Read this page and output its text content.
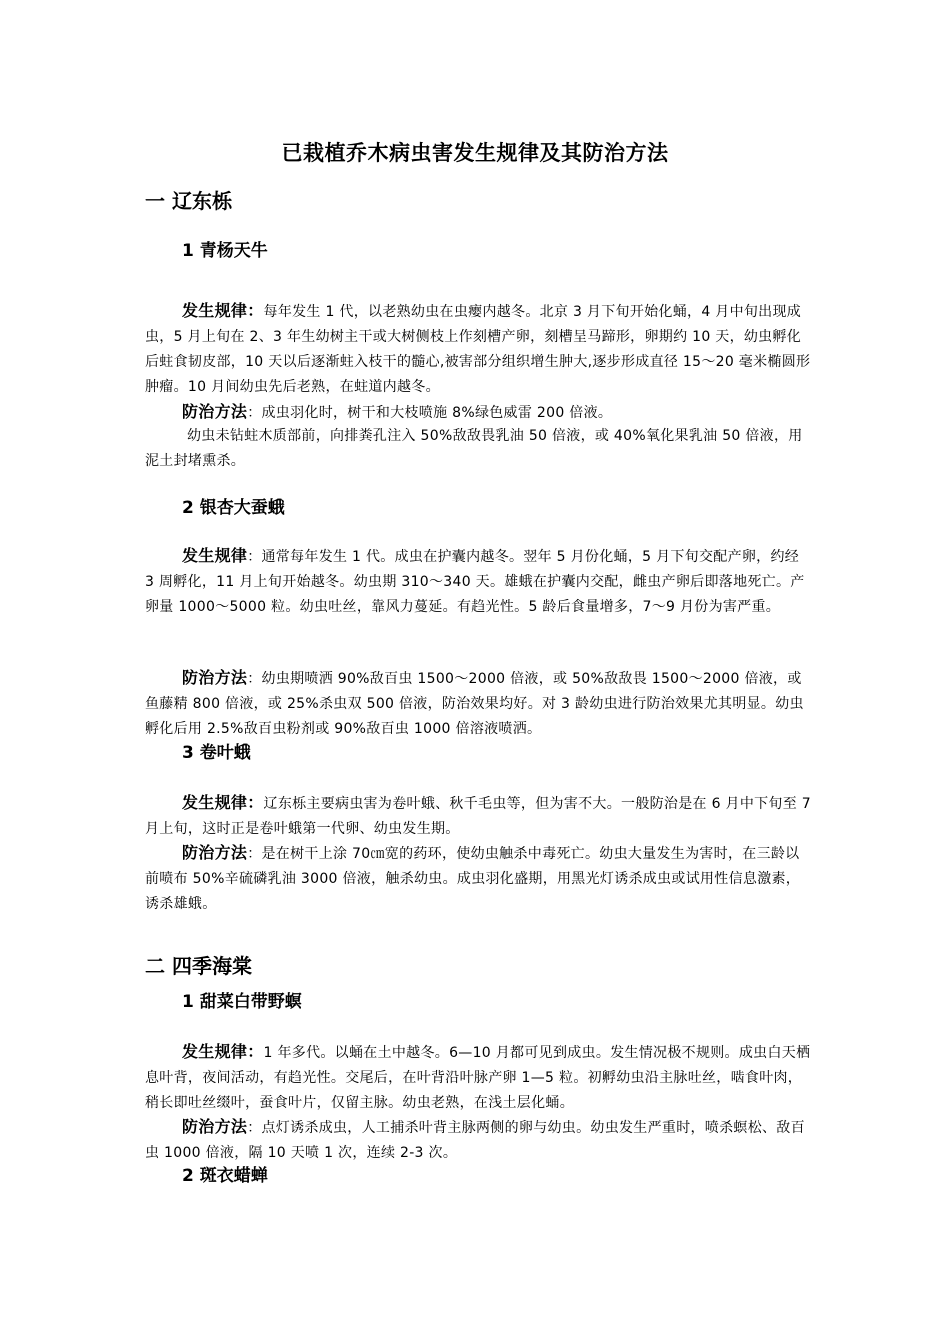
已栽植乔木病虫害发生规律及其防治方法
一 辽东栎
1 青杨天牛
发生规律：每年发生 1 代，以老熟幼虫在虫瘿内越冬。北京 3 月下旬开始化蛹，4 月中旬出现成虫，5 月上旬在 2、3 年生幼树主干或大树侧枝上作刻槽产卵，刻槽呈马蹄形，卵期约 10 天，幼虫孵化后蛀食韧皮部，10 天以后逐渐蛀入枝干的髓心,被害部分组织增生肿大,逐步形成直径 15～20 毫米椭圆形肿瘤。10 月间幼虫先后老熟，在蛀道内越冬。
防治方法：成虫羽化时，树干和大枝喷施 8%绿色威雷 200 倍液。
幼虫未钻蛀木质部前，向排粪孔注入 50%敌敌畏乳油 50 倍液，或 40%氧化果乳油 50 倍液，用泥土封堵熏杀。
2 银杏大蚕蛾
发生规律：通常每年发生 1 代。成虫在护囊内越冬。翌年 5 月份化蛹，5 月下旬交配产卵，约经 3 周孵化，11 月上旬开始越冬。幼虫期 310～340 天。雄蛾在护囊内交配，雌虫产卵后即落地死亡。产卵量 1000～5000 粒。幼虫吐丝，靠风力蔓延。有趋光性。5 龄后食量增多，7～9 月份为害严重。
防治方法：幼虫期喷洒 90%敌百虫 1500～2000 倍液，或 50%敌敌畏 1500～2000 倍液，或鱼藤精 800 倍液，或 25%杀虫双 500 倍液，防治效果均好。对 3 龄幼虫进行防治效果尤其明显。幼虫孵化后用 2.5%敌百虫粉剂或 90%敌百虫 1000 倍溶液喷洒。
3 卷叶蛾
发生规律：辽东栎主要病虫害为卷叶蛾、秋千毛虫等，但为害不大。一般防治是在 6 月中下旬至 7 月上旬，这时正是卷叶蛾第一代卵、幼虫发生期。
防治方法：是在树干上涂 70㎝宽的药环，使幼虫触杀中毒死亡。幼虫大量发生为害时，在三龄以前喷布 50%辛硫磷乳油 3000 倍液，触杀幼虫。成虫羽化盛期，用黑光灯诱杀成虫或试用性信息激素，诱杀雄蛾。
二 四季海棠
1 甜菜白带野螟
发生规律：1 年多代。以蛹在土中越冬。6—10 月都可见到成虫。发生情况极不规则。成虫白天栖息叶背，夜间活动，有趋光性。交尾后，在叶背沿叶脉产卵 1—5 粒。初孵幼虫沿主脉吐丝，啮食叶肉，稍长即吐丝缀叶，蚕食叶片，仅留主脉。幼虫老熟，在浅土层化蛹。
防治方法：点灯诱杀成虫，人工捕杀叶背主脉两侧的卵与幼虫。幼虫发生严重时，喷杀螟松、敌百虫 1000 倍液，隔 10 天喷 1 次，连续 2-3 次。
2 斑衣蜡蝉
